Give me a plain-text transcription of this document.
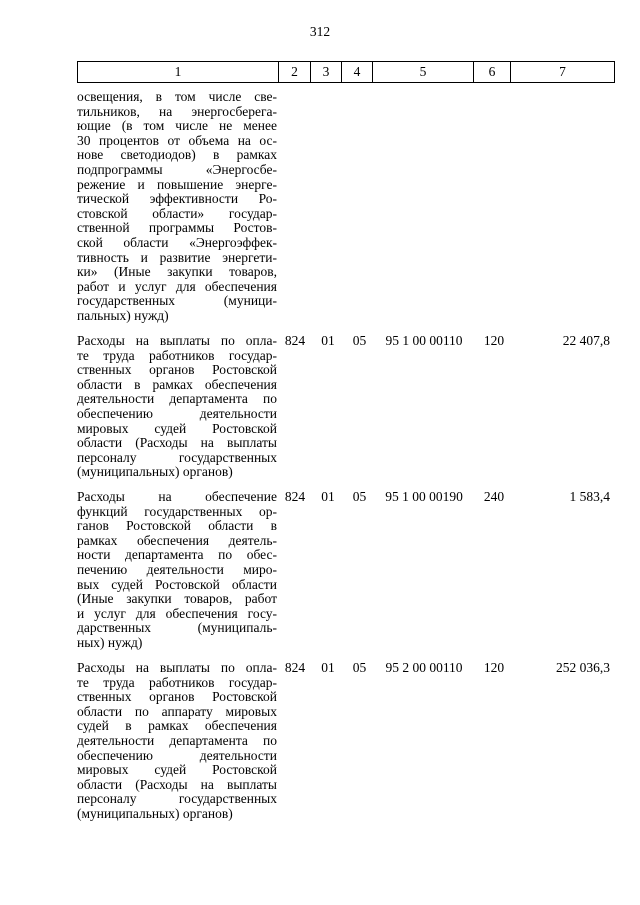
312
1	2	3	4	5	6	7
освещения, в том числе све-
тильников, на энергосберега-
ющие (в том числе не менее
30 процентов от объема на ос-
нове светодиодов) в рамках
подпрограммы «Энергосбе-
режение и повышение энерге-
тической эффективности Ро-
стовской области» государ-
ственной программы Ростов-
ской области «Энергоэффек-
тивность и развитие энергети-
ки» (Иные закупки товаров,
работ и услуг для обеспечения
государственных (муници-
пальных) нужд)
Расходы на выплаты по опла-
те труда работников государ-
ственных органов Ростовской
области в рамках обеспечения
деятельности департамента по
обеспечению деятельности
мировых судей Ростовской
области (Расходы на выплаты
персоналу государственных
(муниципальных) органов)
824	01	05	95 1 00 00110	120	22 407,8
Расходы на обеспечение
функций государственных ор-
ганов Ростовской области в
рамках обеспечения деятель-
ности департамента по обес-
печению деятельности миро-
вых судей Ростовской области
(Иные закупки товаров, работ
и услуг для обеспечения госу-
дарственных (муниципаль-
ных) нужд)
824	01	05	95 1 00 00190	240	1 583,4
Расходы на выплаты по опла-
те труда работников государ-
ственных органов Ростовской
области по аппарату мировых
судей в рамках обеспечения
деятельности департамента по
обеспечению деятельности
мировых судей Ростовской
области (Расходы на выплаты
персоналу государственных
(муниципальных) органов)
824	01	05	95 2 00 00110	120	252 036,3
